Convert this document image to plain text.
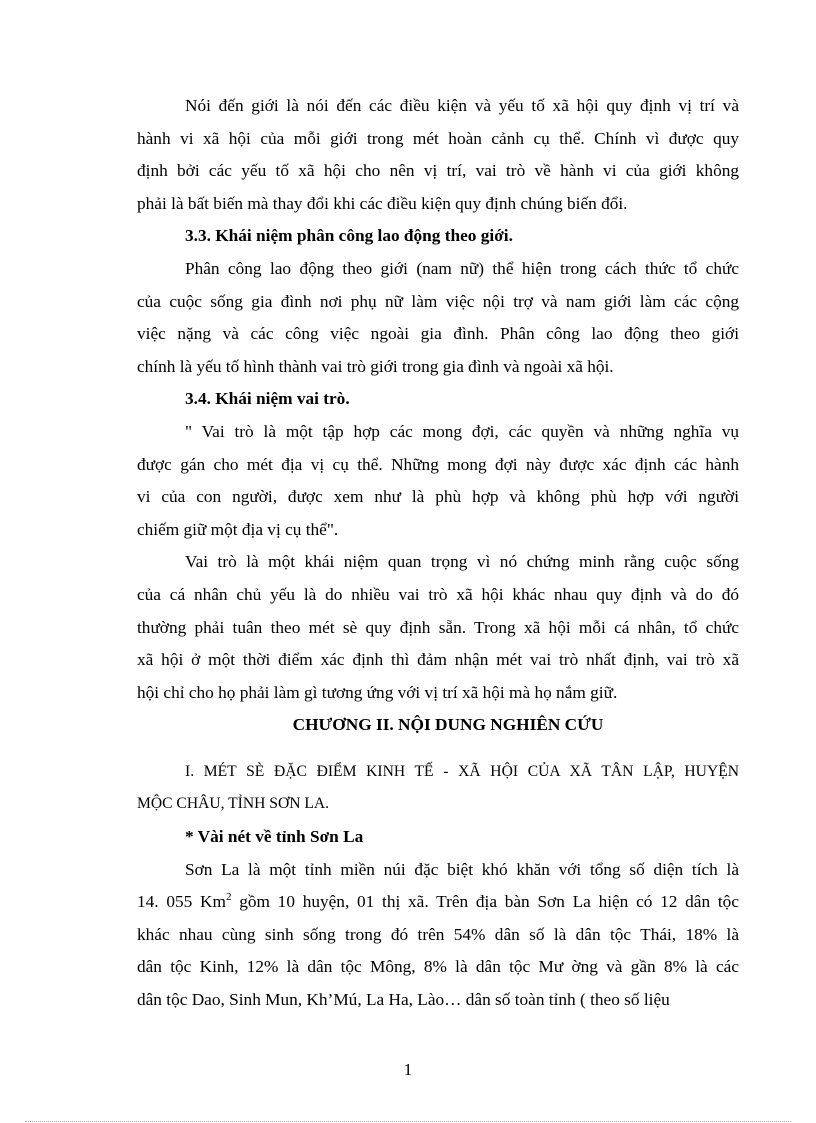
Nói đến giới là nói đến các điều kiện và yếu tố xã hội quy định vị trí và
hành vi xã hội của mỗi giới trong mét hoàn cảnh cụ thể. Chính vì được quy
định bởi các yếu tố xã hội cho nên vị trí, vai trò về hành vi của giới không
phải là bất biến mà thay đổi khi các điều kiện quy định chúng biến đổi.

3.3. Khái niệm phân công lao động theo giới.

Phân công lao động theo giới (nam nữ) thể hiện trong cách thức tổ chức
của cuộc sống gia đình nơi phụ nữ làm việc nội trợ và nam giới làm các cộng
việc nặng và các công việc ngoài gia đình. Phân công lao động theo giới
chính là yếu tố hình thành vai trò giới trong gia đình và ngoài xã hội.

3.4. Khái niệm vai trò.

" Vai trò là một tập hợp các mong đợi, các quyền và những nghĩa vụ
được gán cho mét địa vị cụ thể. Những mong đợi này được xác định các hành
vi của con người, được xem như là phù hợp và không phù hợp với người
chiếm giữ một địa vị cụ thể".

Vai trò là một khái niệm quan trọng vì nó chứng minh rằng cuộc sống
của cá nhân chủ yếu là do nhiều vai trò xã hội khác nhau quy định và do đó
thường phải tuân theo mét sè quy định sẵn. Trong xã hội mỗi cá nhân, tổ chức
xã hội ở một thời điểm xác định thì đảm nhận mét vai trò nhất định, vai trò xã
hội chỉ cho họ phải làm gì tương ứng với vị trí xã hội mà họ nắm giữ.

CHƯƠNG II. NỘI DUNG NGHIÊN CỨU

I. MÉT SÈ ĐẶC ĐIỂM KINH TẾ - XÃ HỘI CỦA XÃ TÂN LẬP, HUYỆN
MỘC CHÂU, TỈNH SƠN LA.

* Vài nét về tỉnh Sơn La

Sơn La là một tỉnh miền núi đặc biệt khó khăn với tổng số diện tích là
14. 055 Km$^2$ gồm 10 huyện, 01 thị xã. Trên địa bàn Sơn La hiện có 12 dân tộc
khác nhau cùng sinh sống trong đó trên 54% dân số là dân tộc Thái, 18% là
dân tộc Kinh, 12% là dân tộc Mông, 8% là dân tộc Mư ờng và gần 8% là các
dân tộc Dao, Sinh Mun, Kh’Mú, La Ha, Lào… dân số toàn tỉnh ( theo số liệu

1
